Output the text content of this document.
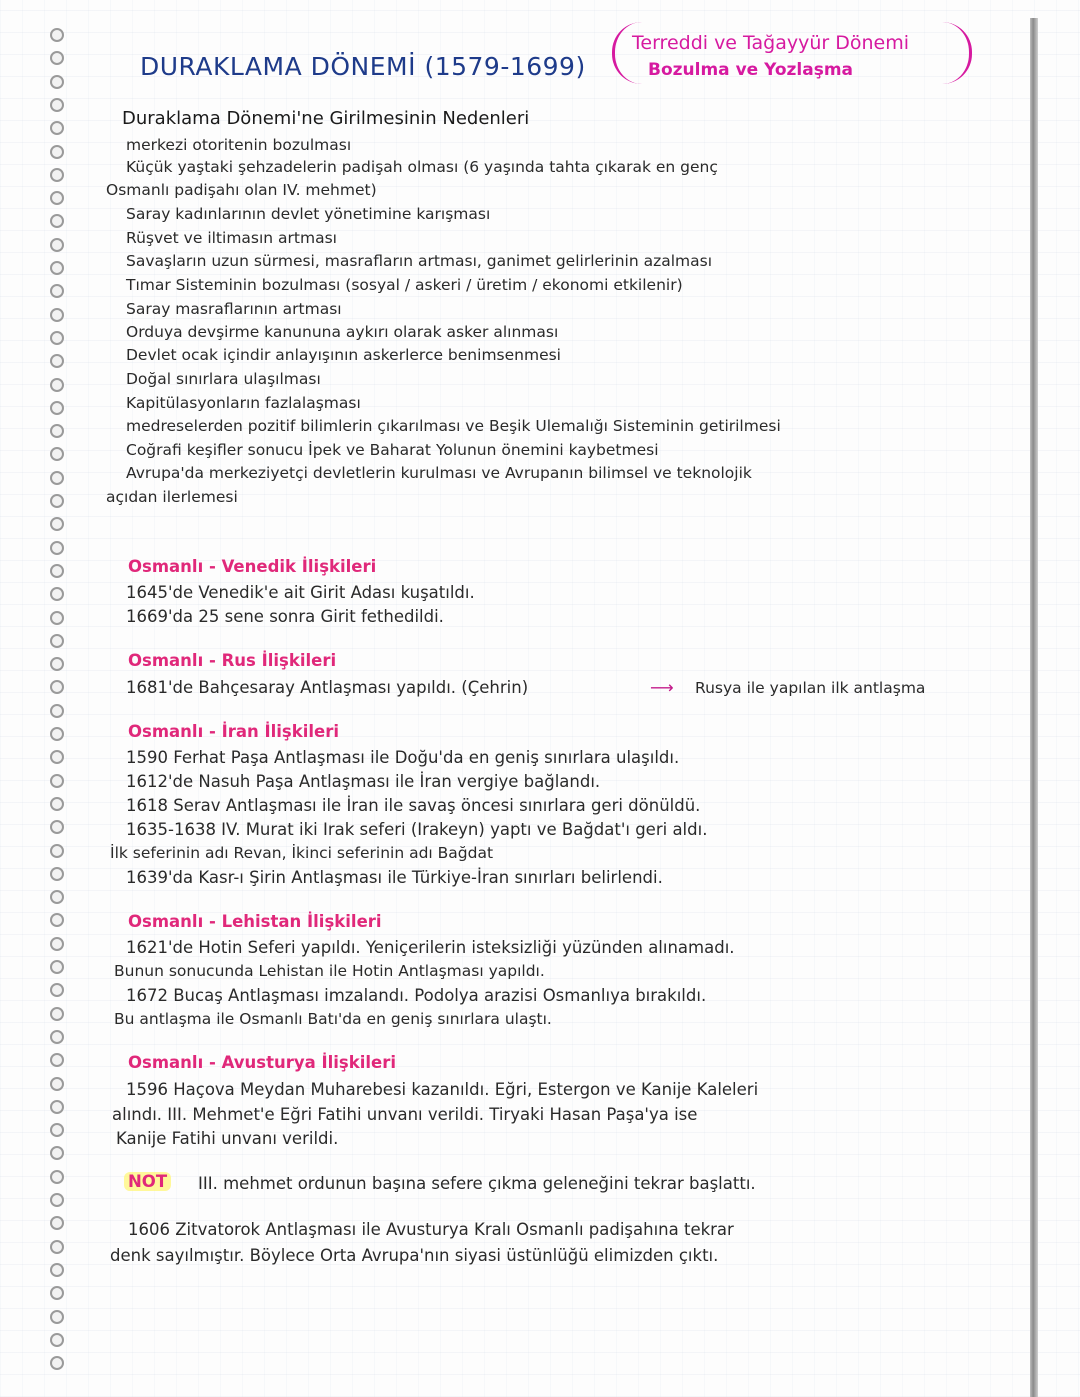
DURAKLAMA DÖNEMİ (1579-1699)
Terreddi ve Tağayyür Dönemi
Bozulma ve Yozlaşma
Duraklama Dönemi'ne Girilmesinin Nedenleri
merkezi otoritenin bozulması
Küçük yaştaki şehzadelerin padişah olması (6 yaşında tahta çıkarak en genç
Osmanlı padişahı olan IV. mehmet)
Saray kadınlarının devlet yönetimine karışması
Rüşvet ve iltimasın artması
Savaşların uzun sürmesi, masrafların artması, ganimet gelirlerinin azalması
Tımar Sisteminin bozulması (sosyal / askeri / üretim / ekonomi etkilenir)
Saray masraflarının artması
Orduya devşirme kanununa aykırı olarak asker alınması
Devlet ocak içindir anlayışının askerlerce benimsenmesi
Doğal sınırlara ulaşılması
Kapitülasyonların fazlalaşması
medreselerden pozitif bilimlerin çıkarılması ve Beşik Ulemalığı Sisteminin getirilmesi
Coğrafi keşifler sonucu İpek ve Baharat Yolunun önemini kaybetmesi
Avrupa'da merkeziyetçi devletlerin kurulması ve Avrupanın bilimsel ve teknolojik
açıdan ilerlemesi
Osmanlı - Venedik İlişkileri
1645'de Venedik'e ait Girit Adası kuşatıldı.
1669'da 25 sene sonra Girit fethedildi.
Osmanlı - Rus İlişkileri
1681'de Bahçesaray Antlaşması yapıldı. (Çehrin)	⟶ Rusya ile yapılan ilk antlaşma
Osmanlı - İran İlişkileri
1590 Ferhat Paşa Antlaşması ile Doğu'da en geniş sınırlara ulaşıldı.
1612'de Nasuh Paşa Antlaşması ile İran vergiye bağlandı.
1618 Serav Antlaşması ile İran ile savaş öncesi sınırlara geri dönüldü.
1635-1638 IV. Murat iki Irak seferi (Irakeyn) yaptı ve Bağdat'ı geri aldı.
İlk seferinin adı Revan, İkinci seferinin adı Bağdat
1639'da Kasr-ı Şirin Antlaşması ile Türkiye-İran sınırları belirlendi.
Osmanlı - Lehistan İlişkileri
1621'de Hotin Seferi yapıldı. Yeniçerilerin isteksizliği yüzünden alınamadı.
Bunun sonucunda Lehistan ile Hotin Antlaşması yapıldı.
1672 Bucaş Antlaşması imzalandı. Podolya arazisi Osmanlıya bırakıldı.
Bu antlaşma ile Osmanlı Batı'da en geniş sınırlara ulaştı.
Osmanlı - Avusturya İlişkileri
1596 Haçova Meydan Muharebesi kazanıldı. Eğri, Estergon ve Kanije Kaleleri
alındı. III. Mehmet'e Eğri Fatihi unvanı verildi. Tiryaki Hasan Paşa'ya ise
Kanije Fatihi unvanı verildi.
NOT III. mehmet ordunun başına sefere çıkma geleneğini tekrar başlattı.
1606 Zitvatorok Antlaşması ile Avusturya Kralı Osmanlı padişahına tekrar
denk sayılmıştır. Böylece Orta Avrupa'nın siyasi üstünlüğü elimizden çıktı.
